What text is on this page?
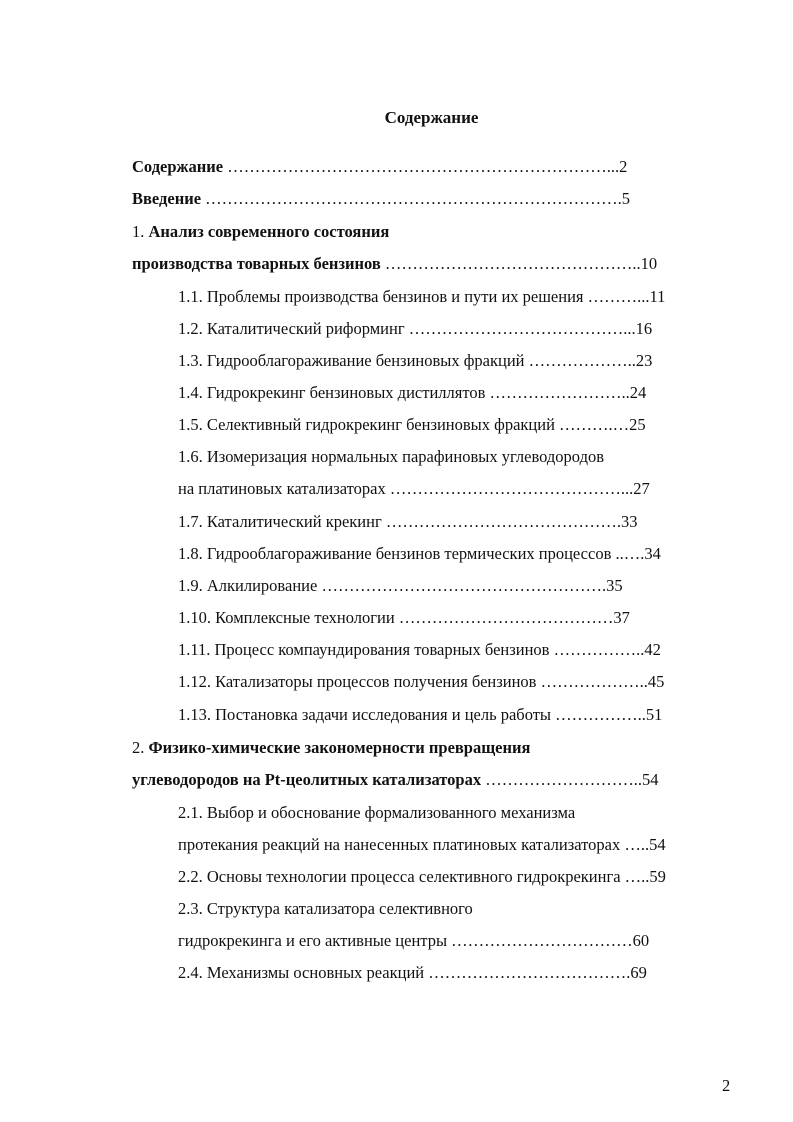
Содержание
Содержание ……………………………………………………………...2
Введение ………………………………………………………………….5
1. Анализ современного состояния
производства товарных бензинов ………………………………………..10
1.1. Проблемы производства бензинов и пути их решения ………...11
1.2. Каталитический риформинг …………………………………...16
1.3. Гидрооблагораживание бензиновых фракций ………………..23
1.4. Гидрокрекинг бензиновых дистиллятов ……………………..24
1.5. Селективный гидрокрекинг бензиновых фракций ……….…25
1.6. Изомеризация нормальных парафиновых углеводородов
на платиновых катализаторах ……………………………………...27
1.7. Каталитический крекинг …………………………………….33
1.8. Гидрооблагораживание бензинов термических процессов ..….34
1.9. Алкилирование …………………………………………….35
1.10. Комплексные технологии …………………………………37
1.11. Процесс компаундирования товарных бензинов ……………..42
1.12. Катализаторы процессов получения бензинов ………………..45
1.13. Постановка задачи исследования и цель работы ……………..51
2. Физико-химические закономерности превращения
углеводородов на Pt-цеолитных катализаторах ………………………..54
2.1. Выбор и обоснование формализованного механизма
протекания реакций на нанесенных платиновых катализаторах …..54
2.2. Основы технологии процесса селективного гидрокрекинга …..59
2.3. Структура катализатора селективного
гидрокрекинга и его активные центры ……………………………60
2.4. Механизмы основных реакций ……………………………….69
2
